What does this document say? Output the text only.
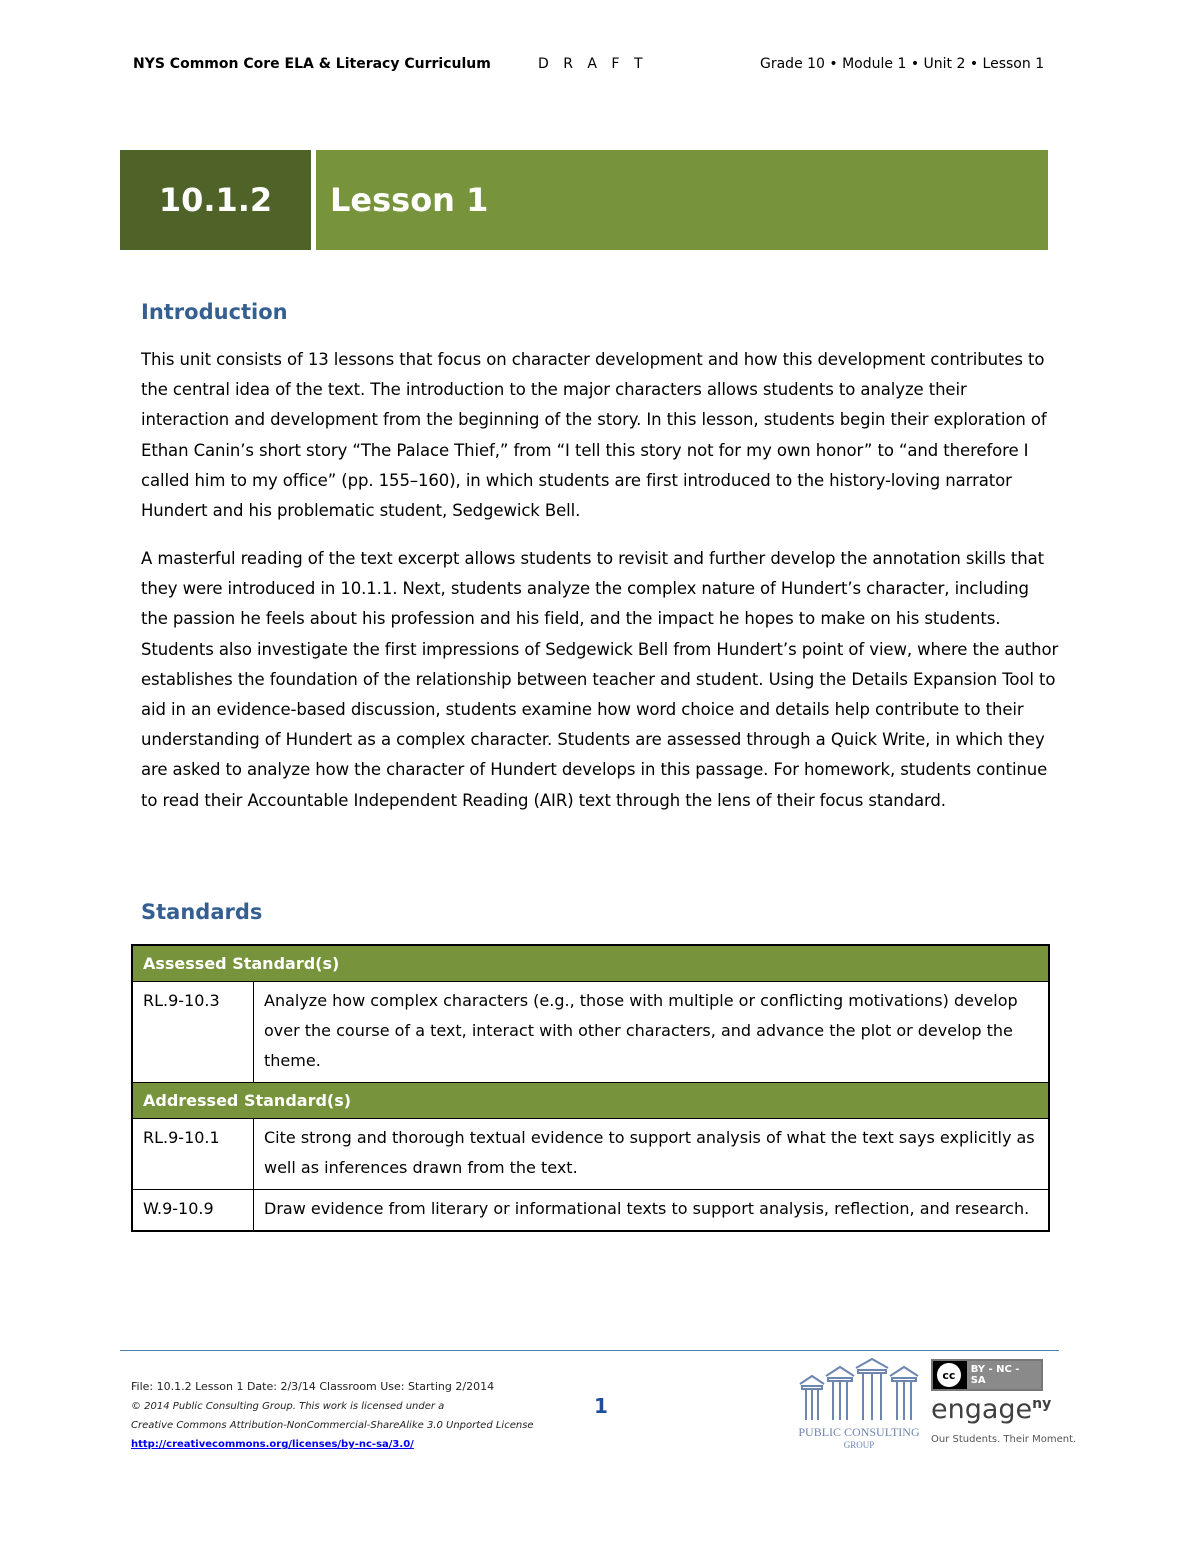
NYS Common Core ELA & Literacy Curriculum	D R A F T	Grade 10 • Module 1 • Unit 2 • Lesson 1
10.1.2 Lesson 1
Introduction
This unit consists of 13 lessons that focus on character development and how this development contributes to the central idea of the text. The introduction to the major characters allows students to analyze their interaction and development from the beginning of the story. In this lesson, students begin their exploration of Ethan Canin’s short story “The Palace Thief,” from “I tell this story not for my own honor” to “and therefore I called him to my office” (pp. 155–160), in which students are first introduced to the history-loving narrator Hundert and his problematic student, Sedgewick Bell.
A masterful reading of the text excerpt allows students to revisit and further develop the annotation skills that they were introduced in 10.1.1. Next, students analyze the complex nature of Hundert’s character, including the passion he feels about his profession and his field, and the impact he hopes to make on his students. Students also investigate the first impressions of Sedgewick Bell from Hundert’s point of view, where the author establishes the foundation of the relationship between teacher and student. Using the Details Expansion Tool to aid in an evidence-based discussion, students examine how word choice and details help contribute to their understanding of Hundert as a complex character. Students are assessed through a Quick Write, in which they are asked to analyze how the character of Hundert develops in this passage. For homework, students continue to read their Accountable Independent Reading (AIR) text through the lens of their focus standard.
Standards
Assessed Standard(s)	
RL.9-10.3	Analyze how complex characters (e.g., those with multiple or conflicting motivations) develop over the course of a text, interact with other characters, and advance the plot or develop the theme.
Addressed Standard(s)	
RL.9-10.1	Cite strong and thorough textual evidence to support analysis of what the text says explicitly as well as inferences drawn from the text.
W.9-10.9	Draw evidence from literary or informational texts to support analysis, reflection, and research.
File: 10.1.2 Lesson 1 Date: 2/3/14 Classroom Use: Starting 2/2014
© 2014 Public Consulting Group. This work is licensed under a
Creative Commons Attribution-NonCommercial-ShareAlike 3.0 Unported License
http://creativecommons.org/licenses/by-nc-sa/3.0/
1
PUBLIC CONSULTING
GROUP
cc	BY - NC - SA
engage$^{ny}$
Our Students. Their Moment.
